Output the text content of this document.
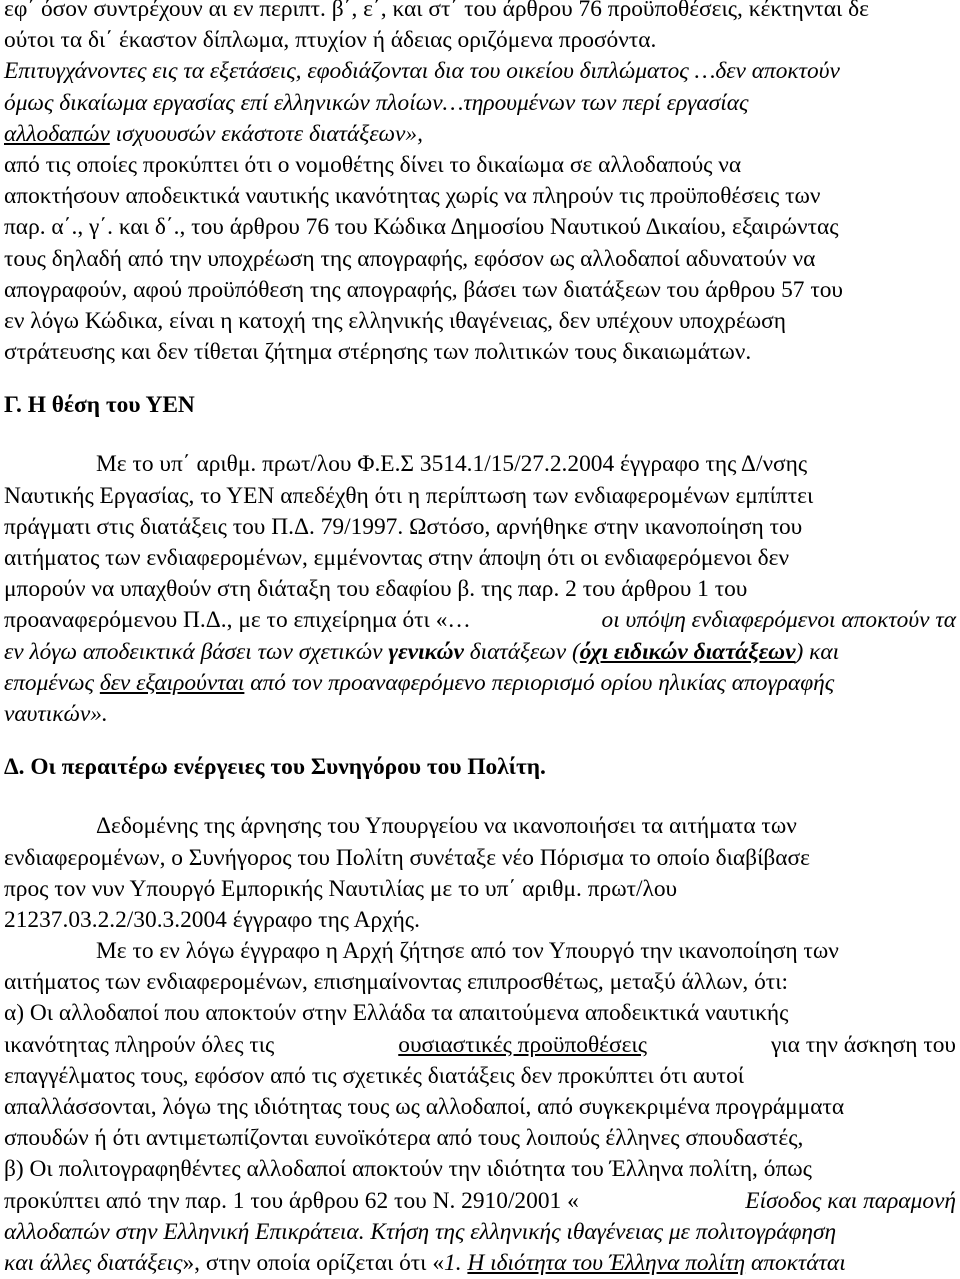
εφ΄ όσον συντρέχουν αι εν περιπτ. β΄, ε΄, και στ΄ του άρθρου 76 προϋποθέσεις, κέκτηνται δε
ούτοι τα δι΄ έκαστον δίπλωμα, πτυχίον ή άδειας οριζόμενα προσόντα.
Επιτυγχάνοντες εις τα εξετάσεις, εφοδιάζονται δια του οικείου διπλώματος …δεν αποκτούν
όμως δικαίωμα εργασίας επί ελληνικών πλοίων…τηρουμένων των περί εργασίας
αλλοδαπών ισχυουσών εκάστοτε διατάξεων»,
από τις οποίες προκύπτει ότι ο νομοθέτης δίνει το δικαίωμα σε αλλοδαπούς να
αποκτήσουν αποδεικτικά ναυτικής ικανότητας χωρίς να πληρούν τις προϋποθέσεις των
παρ. α΄., γ΄. και δ΄., του άρθρου 76 του Κώδικα Δημοσίου Ναυτικού Δικαίου, εξαιρώντας
τους δηλαδή από την υποχρέωση της απογραφής, εφόσον ως αλλοδαποί αδυνατούν να
απογραφούν, αφού προϋπόθεση της απογραφής, βάσει των διατάξεων του άρθρου 57 του
εν λόγω Κώδικα, είναι η κατοχή της ελληνικής ιθαγένειας, δεν υπέχουν υποχρέωση
στράτευσης και δεν τίθεται ζήτημα στέρησης των πολιτικών τους δικαιωμάτων.
Γ. Η θέση του ΥΕΝ
Με το υπ΄ αριθμ. πρωτ/λου Φ.Ε.Σ 3514.1/15/27.2.2004 έγγραφο της Δ/νσης
Ναυτικής Εργασίας, το ΥΕΝ απεδέχθη ότι η περίπτωση των ενδιαφερομένων εμπίπτει
πράγματι στις διατάξεις του Π.Δ. 79/1997. Ωστόσο, αρνήθηκε στην ικανοποίηση του
αιτήματος των ενδιαφερομένων, εμμένοντας στην άποψη ότι οι ενδιαφερόμενοι δεν
μπορούν να υπαχθούν στη διάταξη του εδαφίου β. της παρ. 2 του άρθρου 1 του
προαναφερόμενου Π.Δ., με το επιχείρημα ότι «…	οι υπόψη ενδιαφερόμενοι αποκτούν τα
εν λόγω αποδεικτικά βάσει των σχετικών γενικών διατάξεων (όχι ειδικών διατάξεων) και
επομένως δεν εξαιρούνται από τον προαναφερόμενο περιορισμό ορίου ηλικίας απογραφής
ναυτικών».
Δ. Οι περαιτέρω ενέργειες του Συνηγόρου του Πολίτη.
Δεδομένης της άρνησης του Υπουργείου να ικανοποιήσει τα αιτήματα των
ενδιαφερομένων, ο Συνήγορος του Πολίτη συνέταξε νέο Πόρισμα το οποίο διαβίβασε
προς τον νυν Υπουργό Εμπορικής Ναυτιλίας με το υπ΄ αριθμ. πρωτ/λου
21237.03.2.2/30.3.2004 έγγραφο της Αρχής.
Με το εν λόγω έγγραφο η Αρχή ζήτησε από τον Υπουργό την ικανοποίηση των
αιτήματος των ενδιαφερομένων, επισημαίνοντας επιπροσθέτως, μεταξύ άλλων, ότι:
α) Οι αλλοδαποί που αποκτούν στην Ελλάδα τα απαιτούμενα αποδεικτικά ναυτικής
ικανότητας πληρούν όλες τις	ουσιαστικές προϋποθέσεις	για την άσκηση του
επαγγέλματος τους, εφόσον από τις σχετικές διατάξεις δεν προκύπτει ότι αυτοί
απαλλάσσονται, λόγω της ιδιότητας τους ως αλλοδαποί, από συγκεκριμένα προγράμματα
σπουδών ή ότι αντιμετωπίζονται ευνοϊκότερα από τους λοιπούς έλληνες σπουδαστές,
β) Οι πολιτογραφηθέντες αλλοδαποί αποκτούν την ιδιότητα του Έλληνα πολίτη, όπως
προκύπτει από την παρ. 1 του άρθρου 62 του Ν. 2910/2001 «	Είσοδος και παραμονή
αλλοδαπών στην Ελληνική Επικράτεια. Κτήση της ελληνικής ιθαγένειας με πολιτογράφηση
και άλλες διατάξεις», στην οποία ορίζεται ότι «1. Η ιδιότητα του Έλληνα πολίτη αποκτάται
